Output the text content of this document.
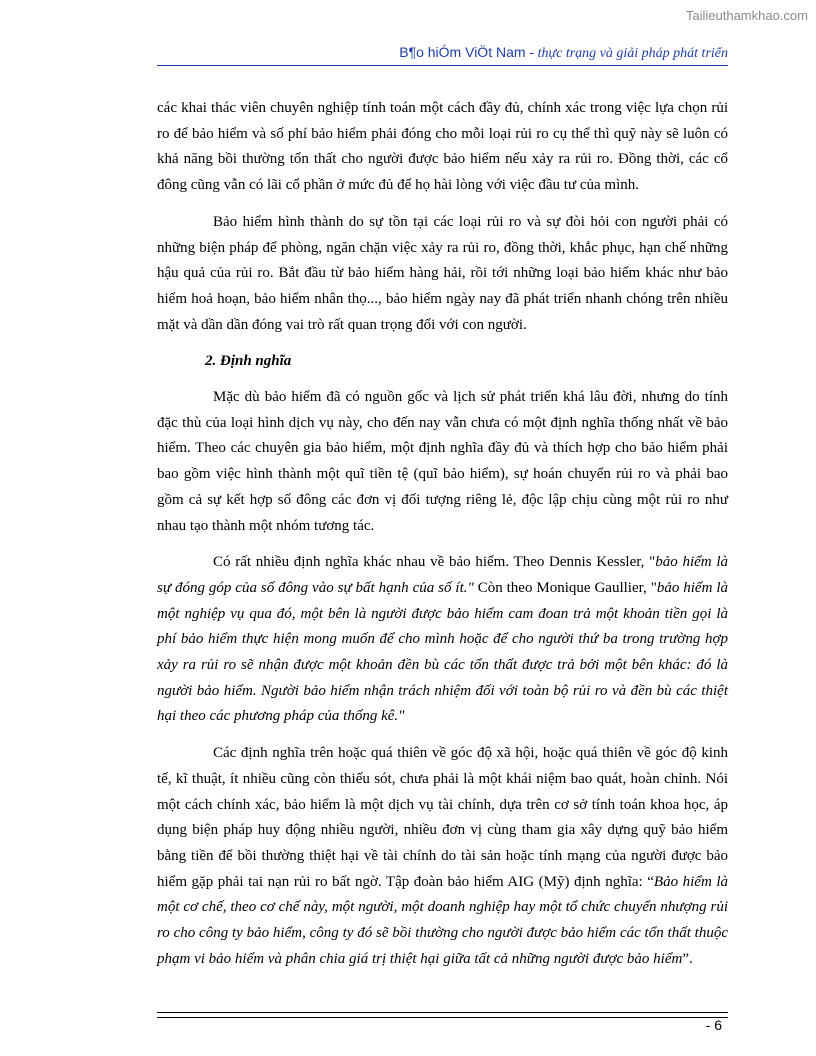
Tailieuthamkhao.com
B¶o hiÓm ViÖt Nam - thực trạng và giải pháp phát triển

các khai thác viên chuyên nghiệp tính toán một cách đầy đủ, chính xác trong việc lựa chọn rủi ro để bảo hiểm và số phí bảo hiểm phải đóng cho mỗi loại rủi ro cụ thể thì quỹ này sẽ luôn có khả năng bồi thường tổn thất cho người được bảo hiểm nếu xảy ra rủi ro. Đồng thời, các cổ đông cũng vẫn có lãi cổ phần ở mức đủ để họ hài lòng với việc đầu tư của mình.

Bảo hiểm hình thành do sự tồn tại các loại rủi ro và sự đòi hỏi con người phải có những biện pháp để phòng, ngăn chặn việc xảy ra rủi ro, đồng thời, khắc phục, hạn chế những hậu quả của rủi ro. Bắt đầu từ bảo hiểm hàng hải, rồi tới những loại bảo hiểm khác như bảo hiểm hoả hoạn, bảo hiểm nhân thọ..., bảo hiểm ngày nay đã phát triển nhanh chóng trên nhiều mặt và dần dần đóng vai trò rất quan trọng đối với con người.

2. Định nghĩa

Mặc dù bảo hiểm đã có nguồn gốc và lịch sử phát triển khá lâu đời, nhưng do tính đặc thù của loại hình dịch vụ này, cho đến nay vẫn chưa có một định nghĩa thống nhất về bảo hiểm. Theo các chuyên gia bảo hiểm, một định nghĩa đầy đủ và thích hợp cho bảo hiểm phải bao gồm việc hình thành một quĩ tiền tệ (quĩ bảo hiểm), sự hoán chuyển rủi ro và phải bao gồm cả sự kết hợp số đông các đơn vị đối tượng riêng lẻ, độc lập chịu cùng một rủi ro như nhau tạo thành một nhóm tương tác.

Có rất nhiều định nghĩa khác nhau về bảo hiểm. Theo Dennis Kessler, "bảo hiểm là sự đóng góp của số đông vào sự bất hạnh của số ít." Còn theo Monique Gaullier, "bảo hiểm là một nghiệp vụ qua đó, một bên là người được bảo hiểm cam đoan trả một khoản tiền gọi là phí bảo hiểm thực hiện mong muốn để cho mình hoặc để cho người thứ ba trong trường hợp xảy ra rủi ro sẽ nhận được một khoản đền bù các tổn thất được trả bởi một bên khác: đó là người bảo hiểm. Người bảo hiểm nhận trách nhiệm đối với toàn bộ rủi ro và đền bù các thiệt hại theo các phương pháp của thống kê."

Các định nghĩa trên hoặc quá thiên về góc độ xã hội, hoặc quá thiên về góc độ kinh tế, kĩ thuật, ít nhiều cũng còn thiếu sót, chưa phải là một khái niệm bao quát, hoàn chỉnh. Nói một cách chính xác, bảo hiểm là một dịch vụ tài chính, dựa trên cơ sở tính toán khoa học, áp dụng biện pháp huy động nhiều người, nhiều đơn vị cùng tham gia xây dựng quỹ bảo hiểm bằng tiền để bồi thường thiệt hại về tài chính do tài sản hoặc tính mạng của người được bảo hiểm gặp phải tai nạn rủi ro bất ngờ. Tập đoàn bảo hiểm AIG (Mỹ) định nghĩa: “Bảo hiểm là một cơ chế, theo cơ chế này, một người, một doanh nghiệp hay một tổ chức chuyển nhượng rủi ro cho công ty bảo hiểm, công ty đó sẽ bồi thường cho người được bảo hiểm các tổn thất thuộc phạm vi bảo hiểm và phân chia giá trị thiệt hại giữa tất cả những người được bảo hiểm”.

- 6
